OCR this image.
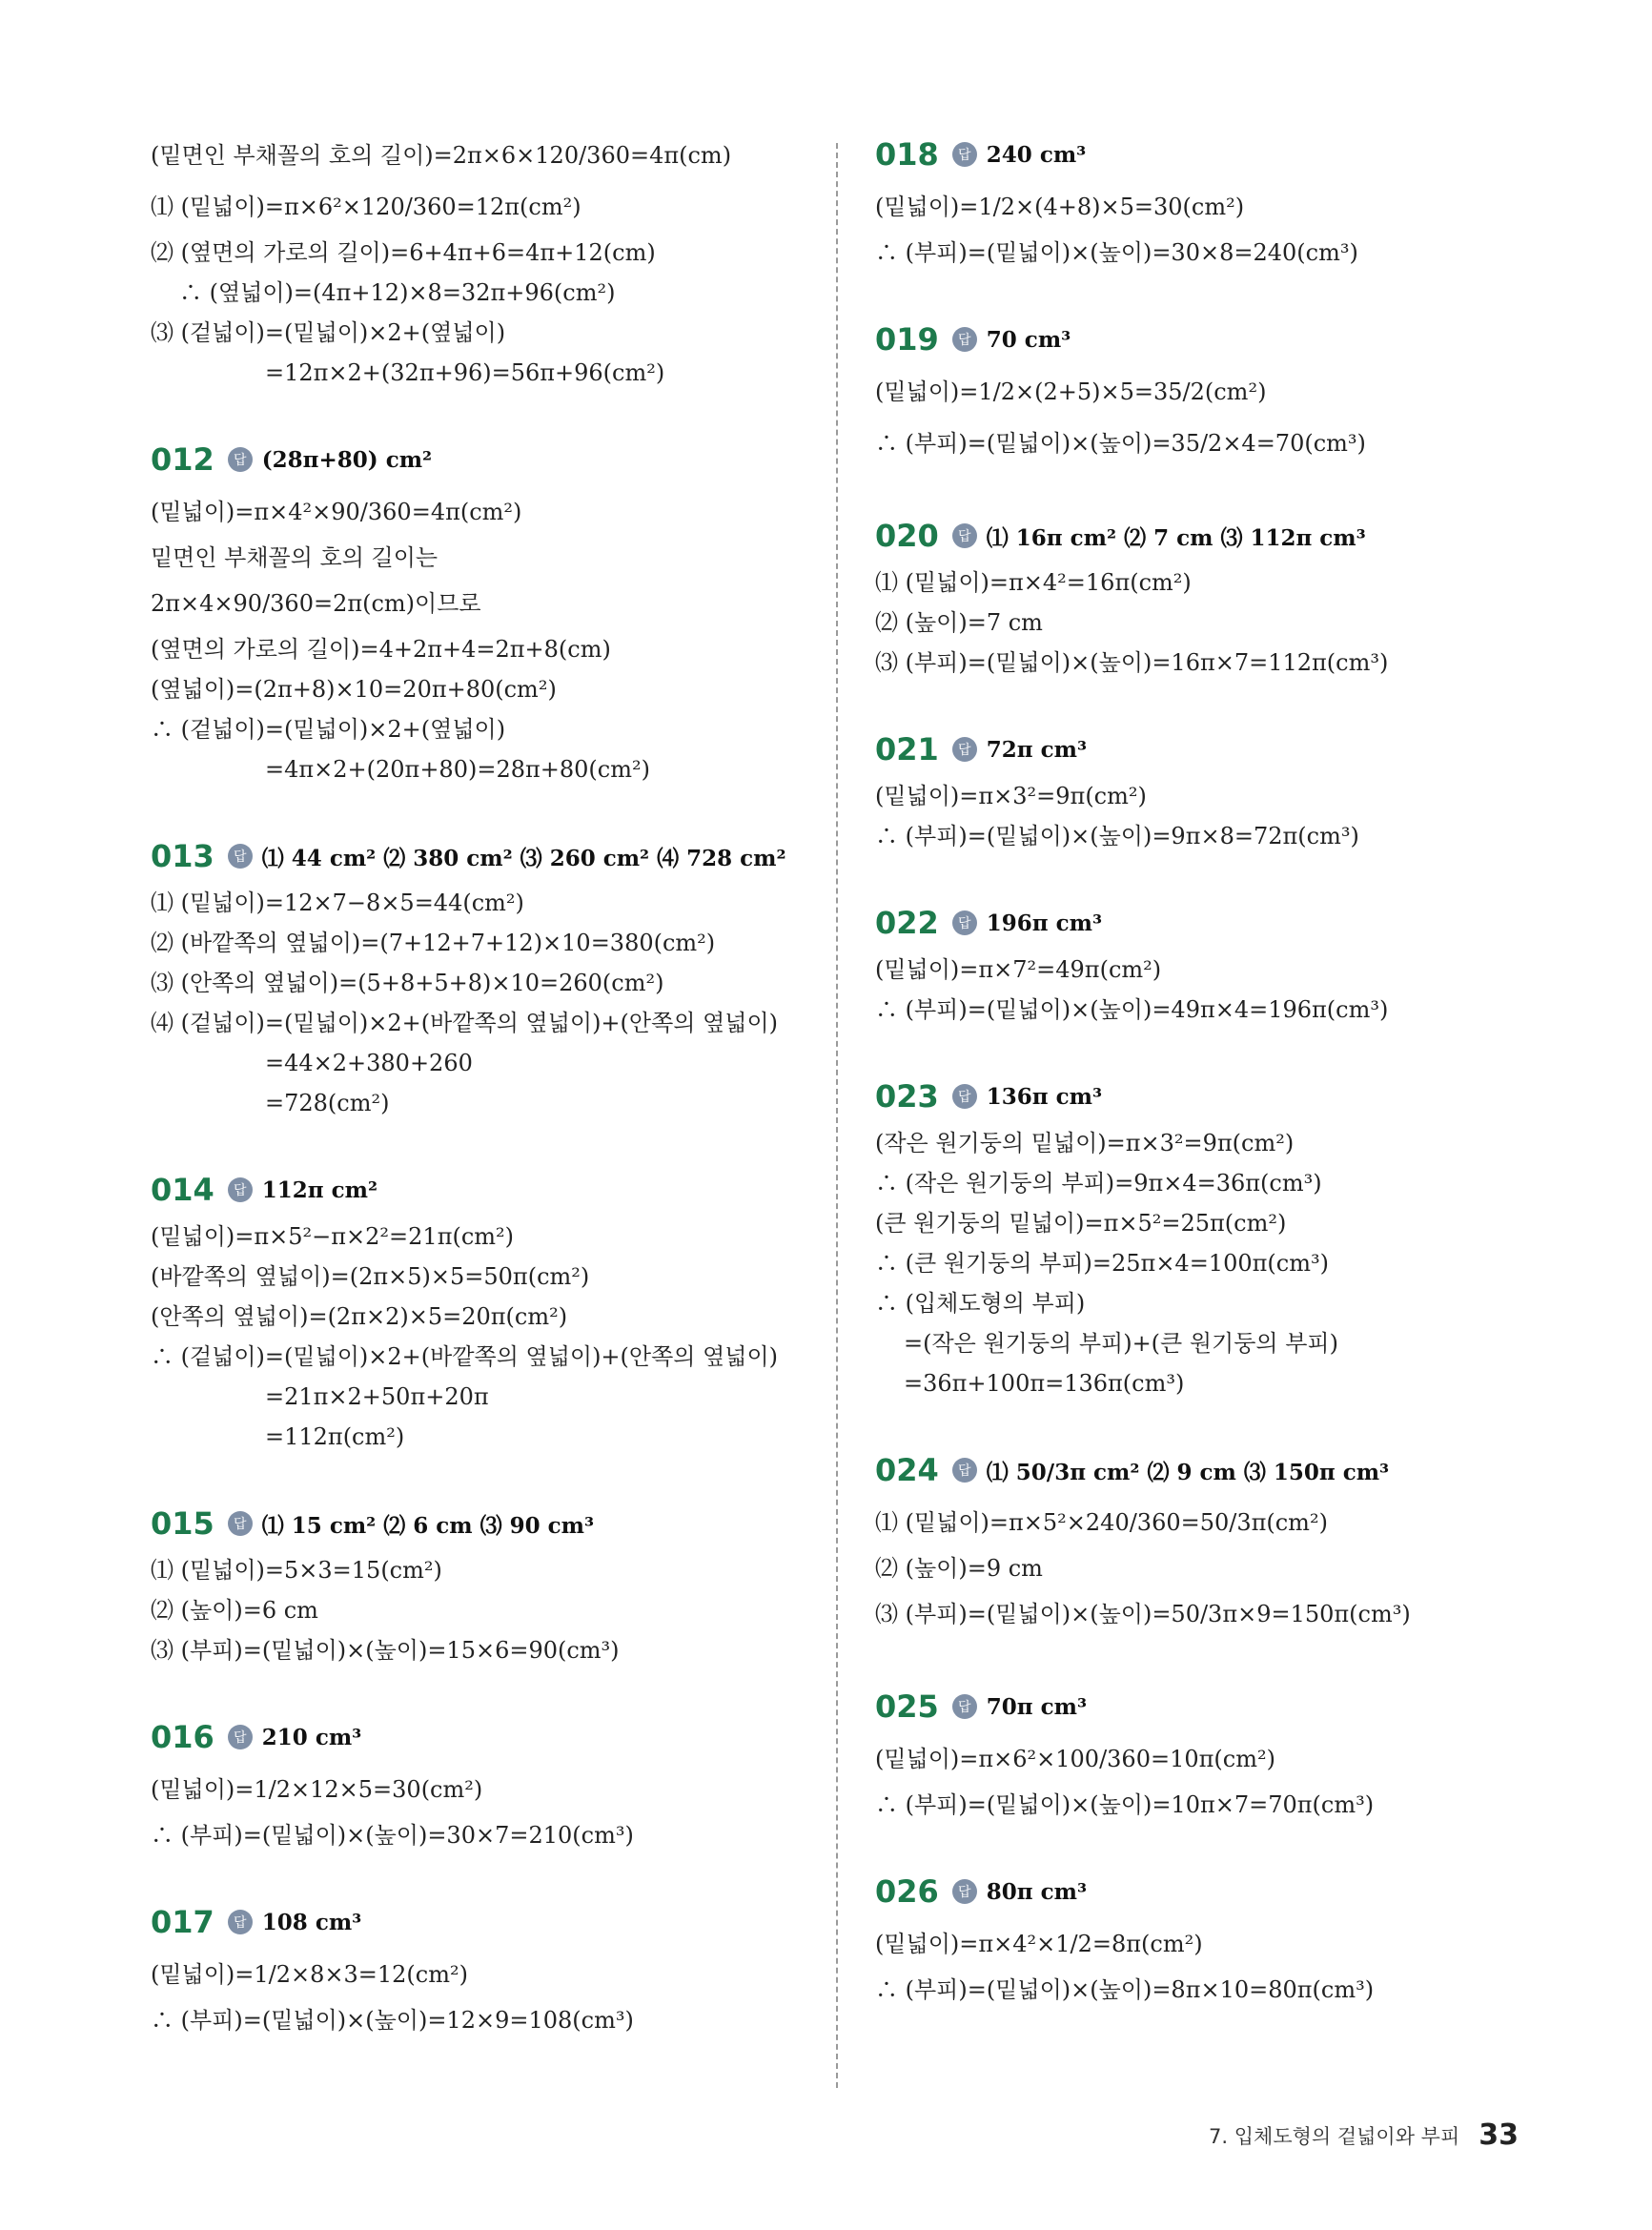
(밑면인 부채꼴의 호의 길이)=2π×6×120/360=4π(cm)
⑴ (밑넓이)=π×6²×120/360=12π(cm²)
⑵ (옆면의 가로의 길이)=6+4π+6=4π+12(cm)
∴ (옆넓이)=(4π+12)×8=32π+96(cm²)
⑶ (겉넓이)=(밑넓이)×2+(옆넓이)
=12π×2+(32π+96)=56π+96(cm²)
012	답 (28π+80) cm²
(밑넓이)=π×4²×90/360=4π(cm²)
밑면인 부채꼴의 호의 길이는
2π×4×90/360=2π(cm)이므로
(옆면의 가로의 길이)=4+2π+4=2π+8(cm)
(옆넓이)=(2π+8)×10=20π+80(cm²)
∴ (겉넓이)=(밑넓이)×2+(옆넓이)
=4π×2+(20π+80)=28π+80(cm²)
013	답 ⑴ 44 cm² ⑵ 380 cm² ⑶ 260 cm² ⑷ 728 cm²
⑴ (밑넓이)=12×7−8×5=44(cm²)
⑵ (바깥쪽의 옆넓이)=(7+12+7+12)×10=380(cm²)
⑶ (안쪽의 옆넓이)=(5+8+5+8)×10=260(cm²)
⑷ (겉넓이)=(밑넓이)×2+(바깥쪽의 옆넓이)+(안쪽의 옆넓이)
=44×2+380+260
=728(cm²)
014	답 112π cm²
(밑넓이)=π×5²−π×2²=21π(cm²)
(바깥쪽의 옆넓이)=(2π×5)×5=50π(cm²)
(안쪽의 옆넓이)=(2π×2)×5=20π(cm²)
∴ (겉넓이)=(밑넓이)×2+(바깥쪽의 옆넓이)+(안쪽의 옆넓이)
=21π×2+50π+20π
=112π(cm²)
015	답 ⑴ 15 cm² ⑵ 6 cm ⑶ 90 cm³
⑴ (밑넓이)=5×3=15(cm²)
⑵ (높이)=6 cm
⑶ (부피)=(밑넓이)×(높이)=15×6=90(cm³)
016	답 210 cm³
(밑넓이)=1/2×12×5=30(cm²)
∴ (부피)=(밑넓이)×(높이)=30×7=210(cm³)
017	답 108 cm³
(밑넓이)=1/2×8×3=12(cm²)
∴ (부피)=(밑넓이)×(높이)=12×9=108(cm³)
018	답 240 cm³
(밑넓이)=1/2×(4+8)×5=30(cm²)
∴ (부피)=(밑넓이)×(높이)=30×8=240(cm³)
019	답 70 cm³
(밑넓이)=1/2×(2+5)×5=35/2(cm²)
∴ (부피)=(밑넓이)×(높이)=35/2×4=70(cm³)
020	답 ⑴ 16π cm² ⑵ 7 cm ⑶ 112π cm³
⑴ (밑넓이)=π×4²=16π(cm²)
⑵ (높이)=7 cm
⑶ (부피)=(밑넓이)×(높이)=16π×7=112π(cm³)
021	답 72π cm³
(밑넓이)=π×3²=9π(cm²)
∴ (부피)=(밑넓이)×(높이)=9π×8=72π(cm³)
022	답 196π cm³
(밑넓이)=π×7²=49π(cm²)
∴ (부피)=(밑넓이)×(높이)=49π×4=196π(cm³)
023	답 136π cm³
(작은 원기둥의 밑넓이)=π×3²=9π(cm²)
∴ (작은 원기둥의 부피)=9π×4=36π(cm³)
(큰 원기둥의 밑넓이)=π×5²=25π(cm²)
∴ (큰 원기둥의 부피)=25π×4=100π(cm³)
∴ (입체도형의 부피)
=(작은 원기둥의 부피)+(큰 원기둥의 부피)
=36π+100π=136π(cm³)
024	답 ⑴ 50/3π cm² ⑵ 9 cm ⑶ 150π cm³
⑴ (밑넓이)=π×5²×240/360=50/3π(cm²)
⑵ (높이)=9 cm
⑶ (부피)=(밑넓이)×(높이)=50/3π×9=150π(cm³)
025	답 70π cm³
(밑넓이)=π×6²×100/360=10π(cm²)
∴ (부피)=(밑넓이)×(높이)=10π×7=70π(cm³)
026	답 80π cm³
(밑넓이)=π×4²×1/2=8π(cm²)
∴ (부피)=(밑넓이)×(높이)=8π×10=80π(cm³)
7. 입체도형의 겉넓이와 부피 33
